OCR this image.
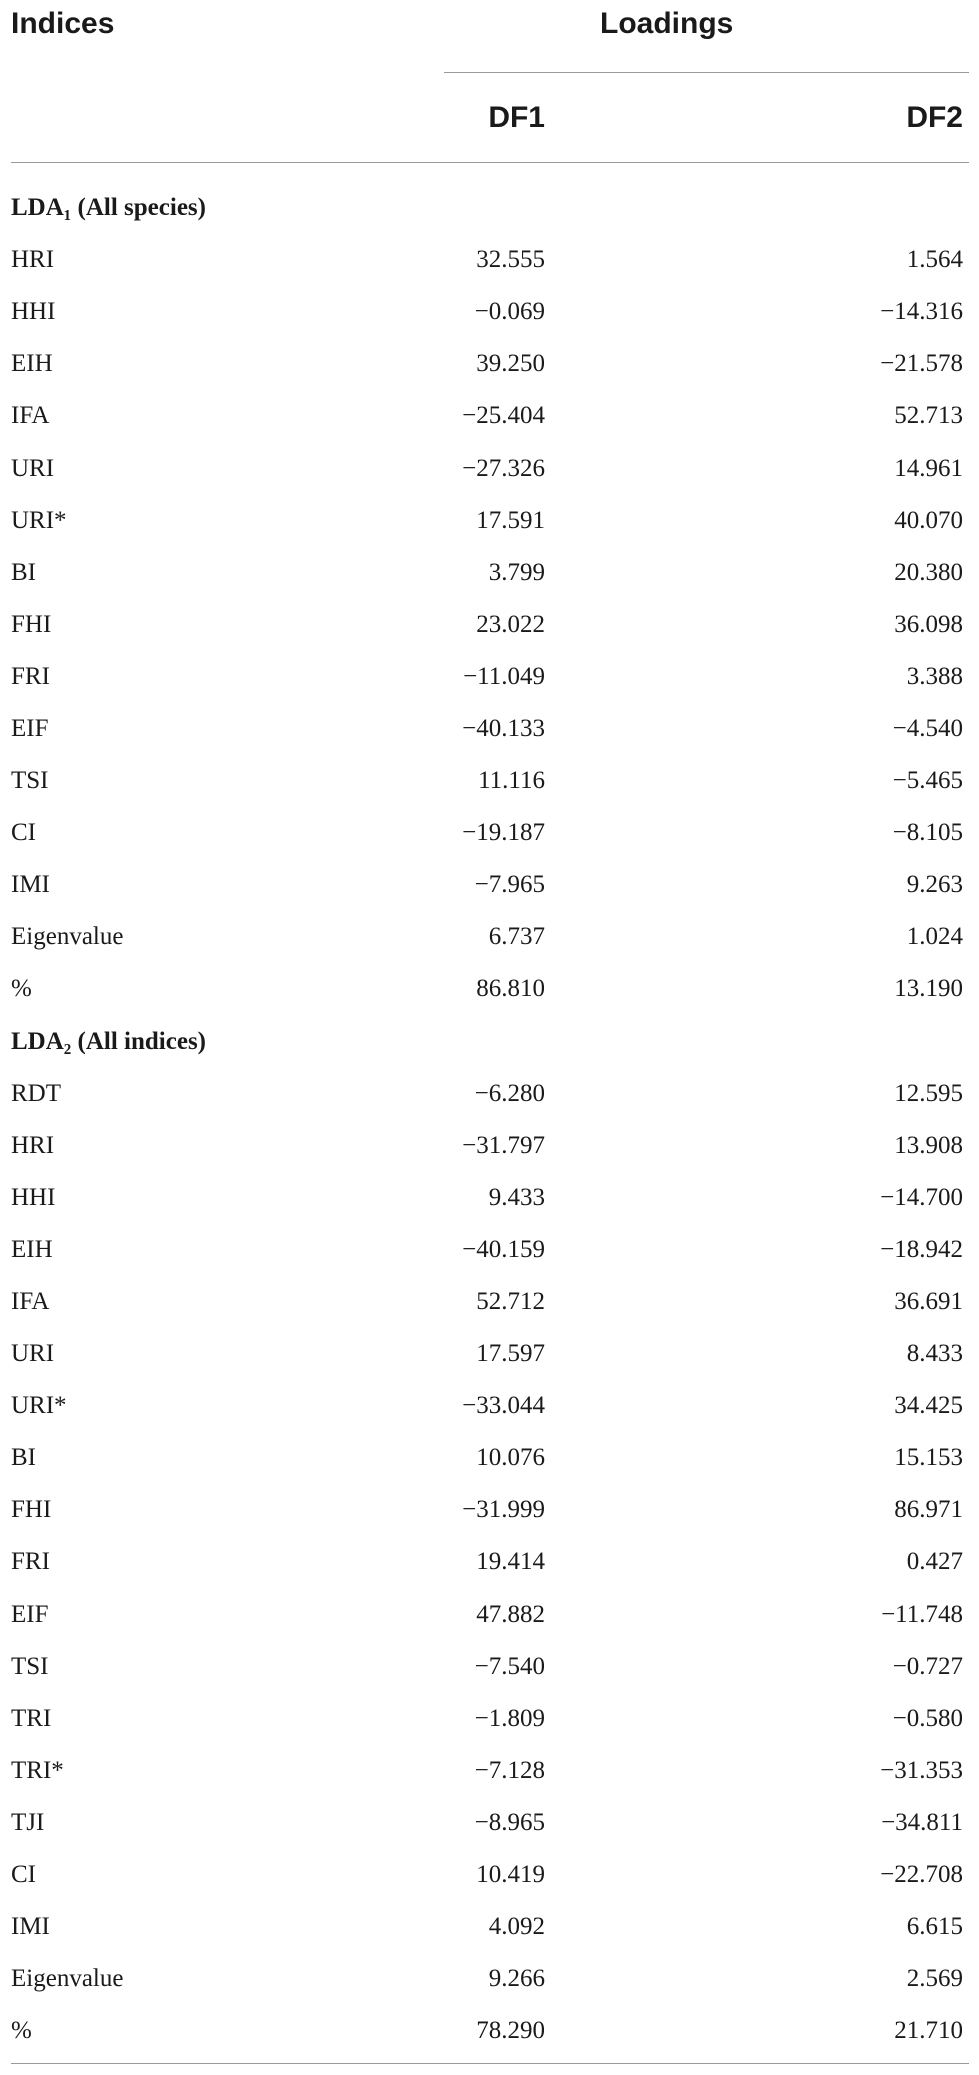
Indices	Loadings
DF1	DF2
LDA₁ (All species)
HRI	32.555	1.564
HHI	−0.069	−14.316
EIH	39.250	−21.578
IFA	−25.404	52.713
URI	−27.326	14.961
URI*	17.591	40.070
BI	3.799	20.380
FHI	23.022	36.098
FRI	−11.049	3.388
EIF	−40.133	−4.540
TSI	11.116	−5.465
CI	−19.187	−8.105
IMI	−7.965	9.263
Eigenvalue	6.737	1.024
%	86.810	13.190
LDA₂ (All indices)
RDT	−6.280	12.595
HRI	−31.797	13.908
HHI	9.433	−14.700
EIH	−40.159	−18.942
IFA	52.712	36.691
URI	17.597	8.433
URI*	−33.044	34.425
BI	10.076	15.153
FHI	−31.999	86.971
FRI	19.414	0.427
EIF	47.882	−11.748
TSI	−7.540	−0.727
TRI	−1.809	−0.580
TRI*	−7.128	−31.353
TJI	−8.965	−34.811
CI	10.419	−22.708
IMI	4.092	6.615
Eigenvalue	9.266	2.569
%	78.290	21.710
